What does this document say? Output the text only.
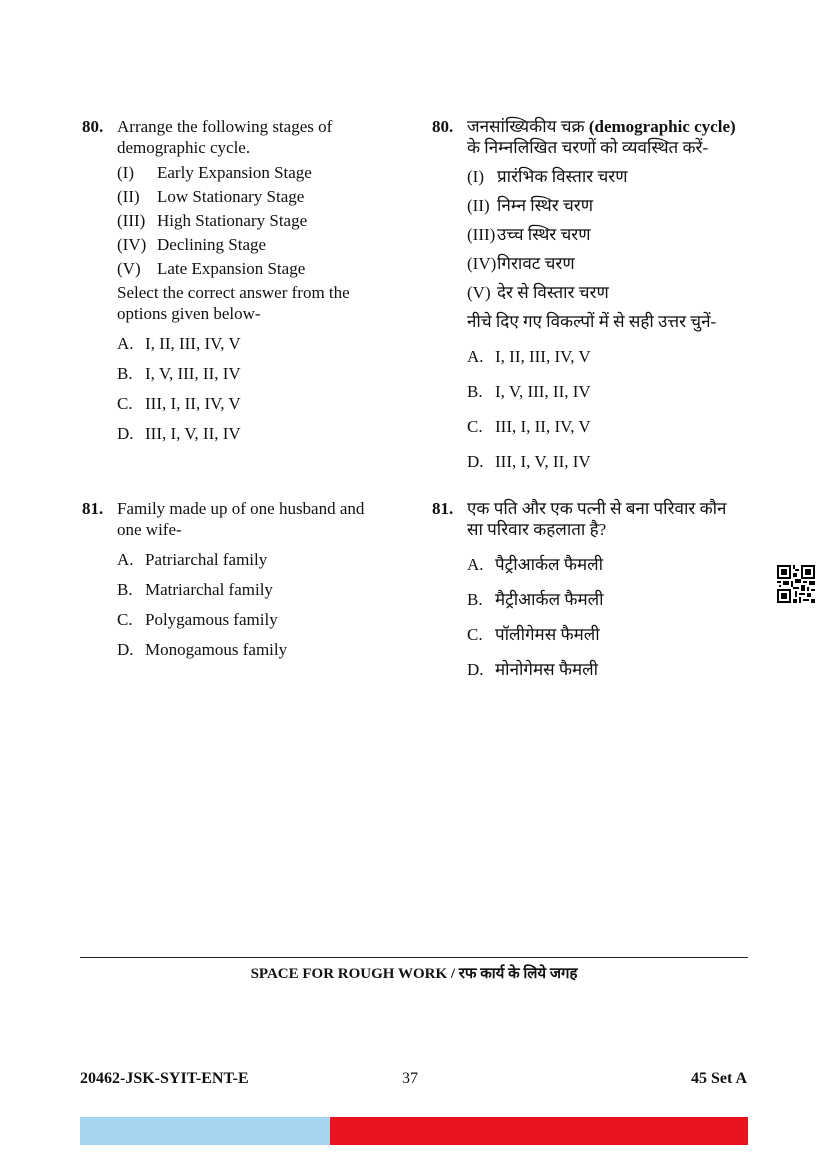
80. Arrange the following stages of demographic cycle.
(I)	Early Expansion Stage
(II)	Low Stationary Stage
(III) High Stationary Stage
(IV) Declining Stage
(V) Late Expansion Stage
Select the correct answer from the options given below-
A. I, II, III, IV, V
B. I, V, III, II, IV
C. III, I, II, IV, V
D. III, I, V, II, IV
80. जनसांख्यिकीय चक्र (demographic cycle) के निम्नलिखित चरणों को व्यवस्थित करें-
(I) प्रारंभिक विस्तार चरण
(II) निम्न स्थिर चरण
(III) उच्च स्थिर चरण
(IV) गिरावट चरण
(V) देर से विस्तार चरण
नीचे दिए गए विकल्पों में से सही उत्तर चुनें-
A. I, II, III, IV, V
B. I, V, III, II, IV
C. III, I, II, IV, V
D. III, I, V, II, IV
81. Family made up of one husband and one wife-
A. Patriarchal family
B. Matriarchal family
C. Polygamous family
D. Monogamous family
81. एक पति और एक पत्नी से बना परिवार कौन सा परिवार कहलाता है?
A. पैट्रीआर्कल फैमली
B. मैट्रीआर्कल फैमली
C. पॉलीगेमस फैमली
D. मोनोगेमस फैमली
SPACE FOR ROUGH WORK / रफ कार्य के लिये जगह
20462-JSK-SYIT-ENT-E	37	45 Set A
